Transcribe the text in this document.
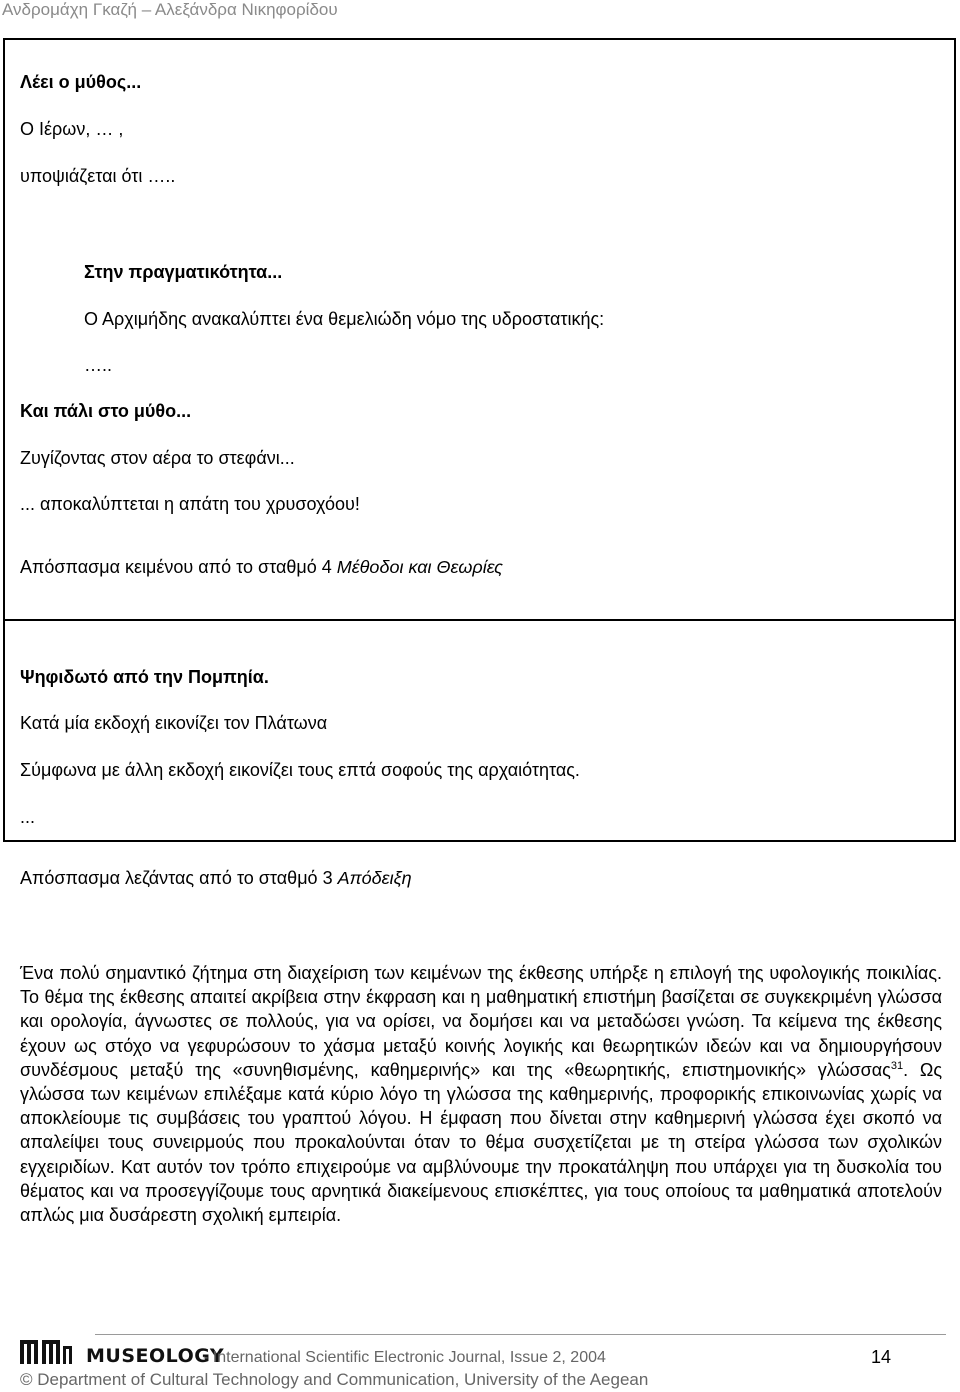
Ανδρομάχη Γκαζή – Αλεξάνδρα Νικηφορίδου
Λέει ο μύθος...
Ο Ιέρων, … ,
υποψιάζεται ότι …..
Στην πραγματικότητα...
Ο Αρχιμήδης ανακαλύπτει ένα θεμελιώδη νόμο της υδροστατικής:
…..
Και πάλι στο μύθο...
Ζυγίζοντας στον αέρα το στεφάνι...
... αποκαλύπτεται η απάτη του χρυσοχόου!
Απόσπασμα κειμένου από το σταθμό 4 Μέθοδοι και Θεωρίες
Ψηφιδωτό από την Πομπηία.
Κατά μία εκδοχή εικονίζει τον Πλάτωνα
Σύμφωνα με άλλη εκδοχή εικονίζει τους επτά σοφούς της αρχαιότητας.
...
Απόσπασμα λεζάντας από το σταθμό 3 Απόδειξη
Ένα πολύ σημαντικό ζήτημα στη διαχείριση των κειμένων της έκθεσης υπήρξε η επιλογή της υφολογικής ποικιλίας. Το θέμα της έκθεσης απαιτεί ακρίβεια στην έκφραση και η μαθηματική επιστήμη βασίζεται σε συγκεκριμένη γλώσσα και ορολογία, άγνωστες σε πολλούς, για να ορίσει, να δομήσει και να μεταδώσει γνώση. Τα κείμενα της έκθεσης έχουν ως στόχο να γεφυρώσουν το χάσμα μεταξύ κοινής λογικής και θεωρητικών ιδεών και να δημιουργήσουν συνδέσμους μεταξύ της «συνηθισμένης, καθημερινής» και της «θεωρητικής, επιστημονικής» γλώσσας$^{31}$. Ως γλώσσα των κειμένων επιλέξαμε κατά κύριο λόγο τη γλώσσα της καθημερινής, προφορικής επικοινωνίας χωρίς να αποκλείουμε τις συμβάσεις του γραπτού λόγου. Η έμφαση που δίνεται στην καθημερινή γλώσσα έχει σκοπό να απαλείψει τους συνειρμούς που προκαλούνται όταν το θέμα συσχετίζεται με τη στείρα γλώσσα των σχολικών εγχειριδίων. Κατ αυτόν τον τρόπο επιχειρούμε να αμβλύνουμε την προκατάληψη που υπάρχει για τη δυσκολία του θέματος και να προσεγγίζουμε τους αρνητικά διακείμενους επισκέπτες, για τους οποίους τα μαθηματικά αποτελούν απλώς μια δυσάρεστη σχολική εμπειρία.
MUSEOLOGY
- International Scientific Electronic Journal, Issue 2, 2004	14
© Department of Cultural Technology and Communication, University of the Aegean
